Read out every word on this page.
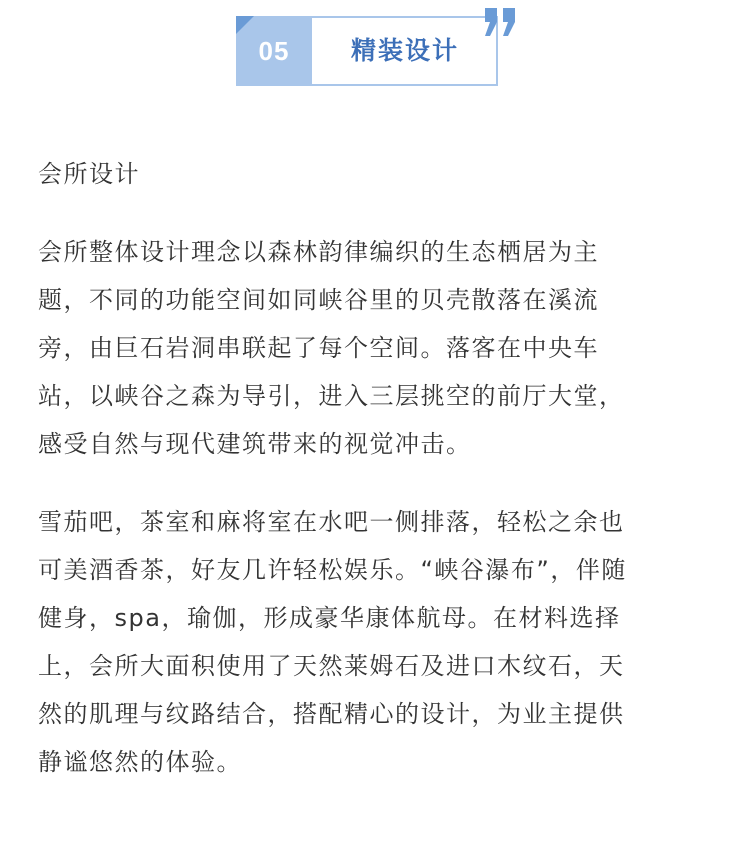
05	精装设计

会所设计

会所整体设计理念以森林韵律编织的生态栖居为主
题，不同的功能空间如同峡谷里的贝壳散落在溪流
旁，由巨石岩洞串联起了每个空间。落客在中央车
站，以峡谷之森为导引，进入三层挑空的前厅大堂，
感受自然与现代建筑带来的视觉冲击。

雪茄吧，茶室和麻将室在水吧一侧排落，轻松之余也
可美酒香茶，好友几许轻松娱乐。“峡谷瀑布”，伴随
健身，spa，瑜伽，形成豪华康体航母。在材料选择
上，会所大面积使用了天然莱姆石及进口木纹石，天
然的肌理与纹路结合，搭配精心的设计，为业主提供
静谧悠然的体验。
